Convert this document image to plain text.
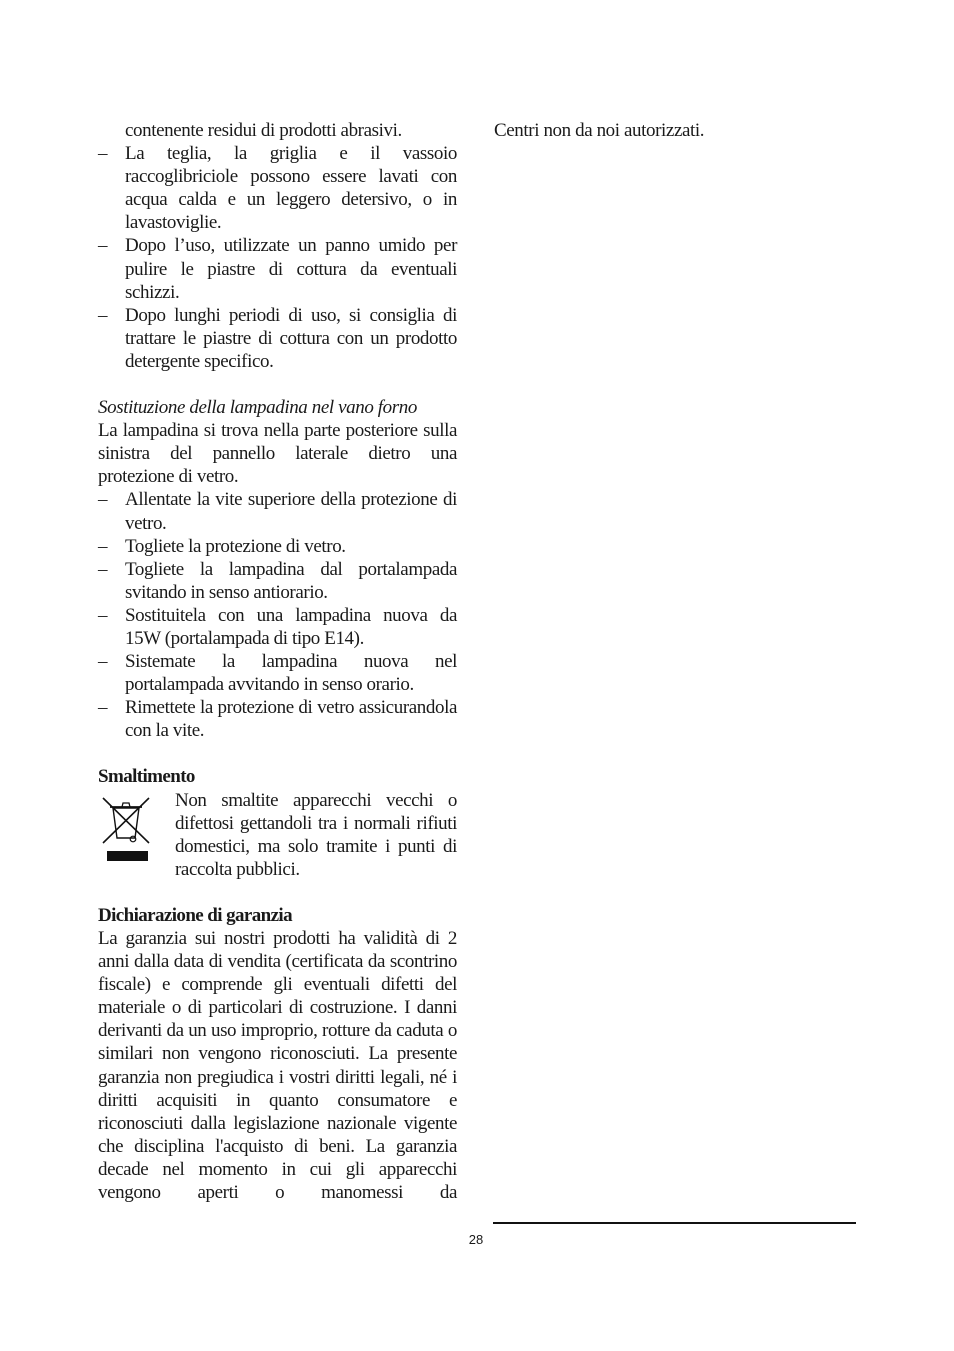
contenente residui di prodotti abrasivi.

– La teglia, la griglia e il vassoio raccoglibriciole possono essere lavati con acqua calda e un leggero detersivo, o in lavastoviglie.
– Dopo l’uso, utilizzate un panno umido per pulire le piastre di cottura da eventuali schizzi.
– Dopo lunghi periodi di uso, si consiglia di trattare le piastre di cottura con un prodotto detergente specifico.

Sostituzione della lampadina nel vano forno

La lampadina si trova nella parte posteriore sulla sinistra del pannello laterale dietro una protezione di vetro.

– Allentate la vite superiore della protezione di vetro.
– Togliete la protezione di vetro.
– Togliete la lampadina dal portalampada svitando in senso antiorario.
– Sostituitela con una lampadina nuova da 15W (portalampada di tipo E14).
– Sistemate la lampadina nuova nel portalampada avvitando in senso orario.
– Rimettete la protezione di vetro assicurandola con la vite.

Smaltimento

Non smaltite apparecchi vecchi o difettosi gettandoli tra i normali rifiuti domestici, ma solo tramite i punti di raccolta pubblici.

Dichiarazione di garanzia

La garanzia sui nostri prodotti ha validità di 2 anni dalla data di vendita (certificata da scontrino fiscale) e comprende gli eventuali difetti del materiale o di particolari di costruzione. I danni derivanti da un uso improprio, rotture da caduta o similari non vengono riconosciuti. La presente garanzia non pregiudica i vostri diritti legali, né i diritti acquisiti in quanto consumatore e riconosciuti dalla legislazione nazionale vigente che disciplina l'acquisto di beni. La garanzia decade nel momento in cui gli apparecchi vengono aperti o manomessi da

Centri non da noi autorizzati.

28
